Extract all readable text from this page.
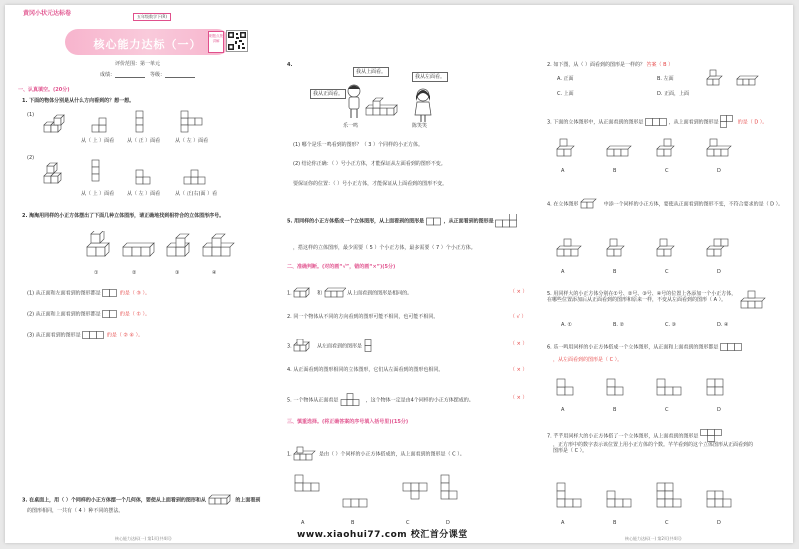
黄冈小状元达标卷	五年级数学下(R)
核心能力达标（一）
刷题点拨讲解
评价范围：第一单元
成绩：	等级：
一、认真填空。(20分)
1. 下面的物体分别是从什么方向看到的？想一想。
(1)
从（ 上 ）面看	从（ 正 ）面看	从（ 左 ）面看
(2)
从（ 上 ）面看	从（ 左 ）面看	从（ 正(右)面 ）看
2. 淘淘用同样的小正方体摆出了下面几种立体图形，请正确地找到相符合的立体图形序号。
①	②	③	④
(1) 从正面和左面看到的图形都是	的是（ ③ ）。
(2) 从正面和上面看到的图形都是	的是（ ① ）。
(3) 从正面看到的图形是	的是（ ② ④ ）。
3. 在桌面上，用（ ）个同样的小正方体摆一个几何体，要使从上面看到的图形和从	的上面看到
的图形相同，一共有（ 4 ）种不同的摆法。
4.
我从上面看。
我从正面看。
我从左面看。
乐一鸣	陈笑笑
(1) 哪个是乐一鸣看到的图形？（ 3 ）个同样的小正方体。
(2) 结论你正确：（ ）号小正方体，才能保证从左面看到的图形不变。
要保证你的位置：（ ）号小正方体，才能保证从上面看到的图形不变。
5. 用同样的小正方体搭成一个立体图形，从上面看到的图形是	，从正面看到的图形是
，搭这样的立体图形，最少需要（ 5 ）个小正方体，最多需要（ 7 ）个小正方体。
二、准确判断。(对的画“√”，错的画“×”)(5分)
1.	和	从上面看到的图形是相同的。	（ × ）
2. 同一个物体从不同的方向看到的图形可能不相同，也可能不相同。	（ √ ）
3.	从左面看到的图形是	（ × ）
4. 从正面看到的图形相同的立体图形，它们从左面看到的图形也相同。	（ × ）
5. 一个物体从正面看是	，这个物体一定是由4个同样的小正方体摆成的。	（ × ）
三、慎重选择。(将正确答案的序号填入括号里)(15分)
1.	是由（ ）个同样的小正方体搭成的，从上面看到的图形是（ C ）。
A	B	C	D
2. 如下图，从（ ）面看到的图形是一样的？ 答案（ B ）
A. 正面	B. 左面
C. 上面	D. 正面，上面
3. 下面的立体图形中，从正面看到的图形是	，从上面看到的图形是	的是（ D ）。
A	B	C	D
4. 在立体图形	中添一个同样的小正方体，要使从正面看到的图形不变，不符合要求的是（ D ）。
A	B	C	D
5. 用同样大的小正方体分别在①号、②号、③号、④号的位置上各添加一个小正方体，在哪些位置添加后从正面看到的图形和原来一样，不变从左面看到的图形（ A ）。
A. ①	B. ②	C. ③	D. ④
6. 乐一鸣用同样的小正方体搭成一个立体图形，从正面和上面看到的图形都是
，从左面看到的图形是（ C ）。
A	B	C	D
7. 芊芊用同样大的小正方体搭了一个立体图形，从上面看到的图形是
，正方形中的数字表示该位置上用小正方体的个数。芊芊看到的这个立体图形从正面看到的图形是（ C ）。
A	B	C	D
核心能力达标(一) 第1页(共4页)	核心能力达标(一) 第2页(共4页)
www.xiaohui77.com 校汇首分课堂
